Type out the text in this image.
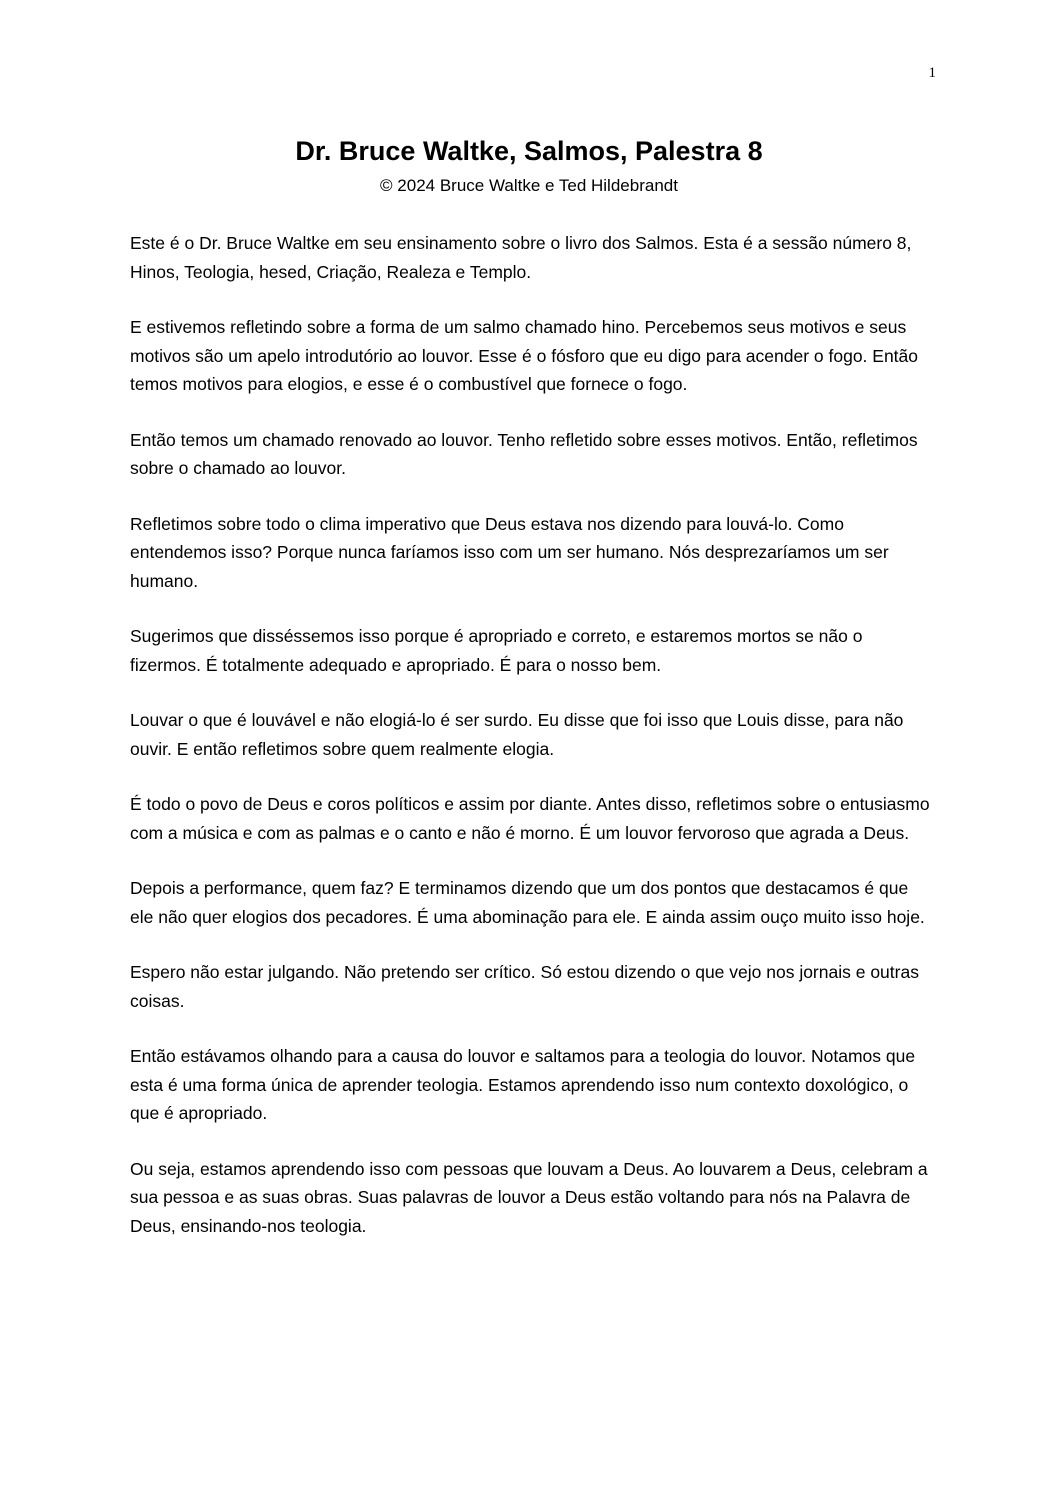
1
Dr. Bruce Waltke, Salmos, Palestra 8
© 2024 Bruce Waltke e Ted Hildebrandt

Este é o Dr. Bruce Waltke em seu ensinamento sobre o livro dos Salmos. Esta é a sessão número 8, Hinos, Teologia, hesed, Criação, Realeza e Templo.

E estivemos refletindo sobre a forma de um salmo chamado hino. Percebemos seus motivos e seus motivos são um apelo introdutório ao louvor. Esse é o fósforo que eu digo para acender o fogo. Então temos motivos para elogios, e esse é o combustível que fornece o fogo.

Então temos um chamado renovado ao louvor. Tenho refletido sobre esses motivos. Então, refletimos sobre o chamado ao louvor.

Refletimos sobre todo o clima imperativo que Deus estava nos dizendo para louvá-lo. Como entendemos isso? Porque nunca faríamos isso com um ser humano. Nós desprezaríamos um ser humano.

Sugerimos que disséssemos isso porque é apropriado e correto, e estaremos mortos se não o fizermos. É totalmente adequado e apropriado. É para o nosso bem.

Louvar o que é louvável e não elogiá-lo é ser surdo. Eu disse que foi isso que Louis disse, para não ouvir. E então refletimos sobre quem realmente elogia.

É todo o povo de Deus e coros políticos e assim por diante. Antes disso, refletimos sobre o entusiasmo com a música e com as palmas e o canto e não é morno. É um louvor fervoroso que agrada a Deus.

Depois a performance, quem faz? E terminamos dizendo que um dos pontos que destacamos é que ele não quer elogios dos pecadores. É uma abominação para ele. E ainda assim ouço muito isso hoje.

Espero não estar julgando. Não pretendo ser crítico. Só estou dizendo o que vejo nos jornais e outras coisas.

Então estávamos olhando para a causa do louvor e saltamos para a teologia do louvor. Notamos que esta é uma forma única de aprender teologia. Estamos aprendendo isso num contexto doxológico, o que é apropriado.

Ou seja, estamos aprendendo isso com pessoas que louvam a Deus. Ao louvarem a Deus, celebram a sua pessoa e as suas obras. Suas palavras de louvor a Deus estão voltando para nós na Palavra de Deus, ensinando-nos teologia.
